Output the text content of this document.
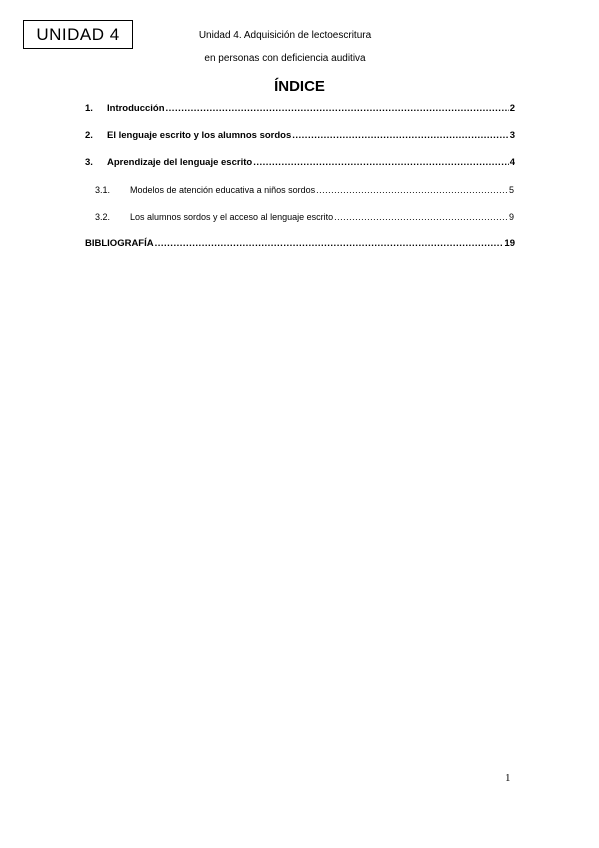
UNIDAD 4	Unidad 4. Adquisición de lectoescritura
en personas con deficiencia auditiva
ÍNDICE
1.	Introducción .....	2
2.	El lenguaje escrito y los alumnos sordos .....	3
3.	Aprendizaje del lenguaje escrito .....	4
3.1.	Modelos de atención educativa a niños sordos .....	5
3.2.	Los alumnos sordos y el acceso al lenguaje escrito .....	9
BIBLIOGRAFÍA .....	19
1
